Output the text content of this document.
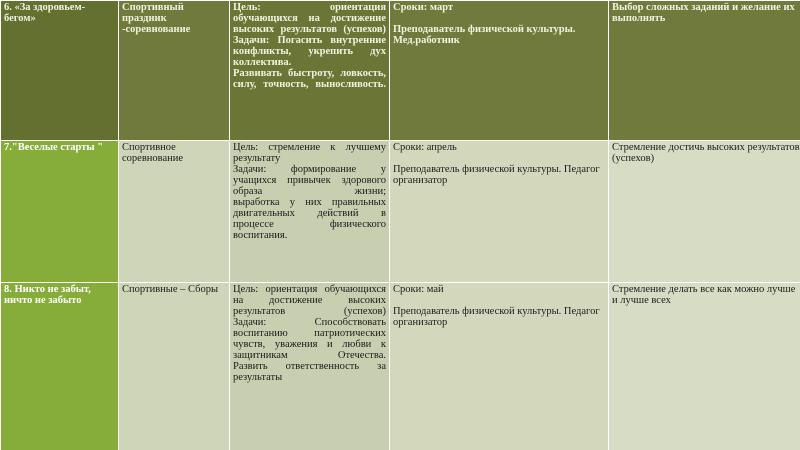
6. «За здоровьем-бегом»	Спортивный праздник -соревнование	Цель: ориентация обучающихся на достижение высоких результатов (успехов)
Задачи: Погасить внутренние конфликты, укрепить дух коллектива.
Развивать быстроту, ловкость, силу, точность, выносливость.	Сроки: март
Преподаватель физической культуры. Мед.работник	Выбор сложных заданий и желание их выполнять
7."Веселые старты "	Спортивное соревнование	Цель: стремление к лучшему результату
Задачи: формирование у учащихся привычек здорового образа жизни;
выработка у них правильных двигательных действий в процессе физического воспитания.	Сроки: апрель
Преподаватель физической культуры. Педагог организатор	Стремление достичь высоких результатов (успехов)
8. Никто не забыт, ничто не забыто	Спортивные – Сборы	Цель: ориентация обучающихся на достижение высоких результатов (успехов)
Задачи: Способствовать воспитанию патриотических чувств, уважения и любви к защитникам Отечества.
Развить ответственность за результаты	Сроки: май
Преподаватель физической культуры. Педагог организатор	Стремление делать все как можно лучше и лучше всех
